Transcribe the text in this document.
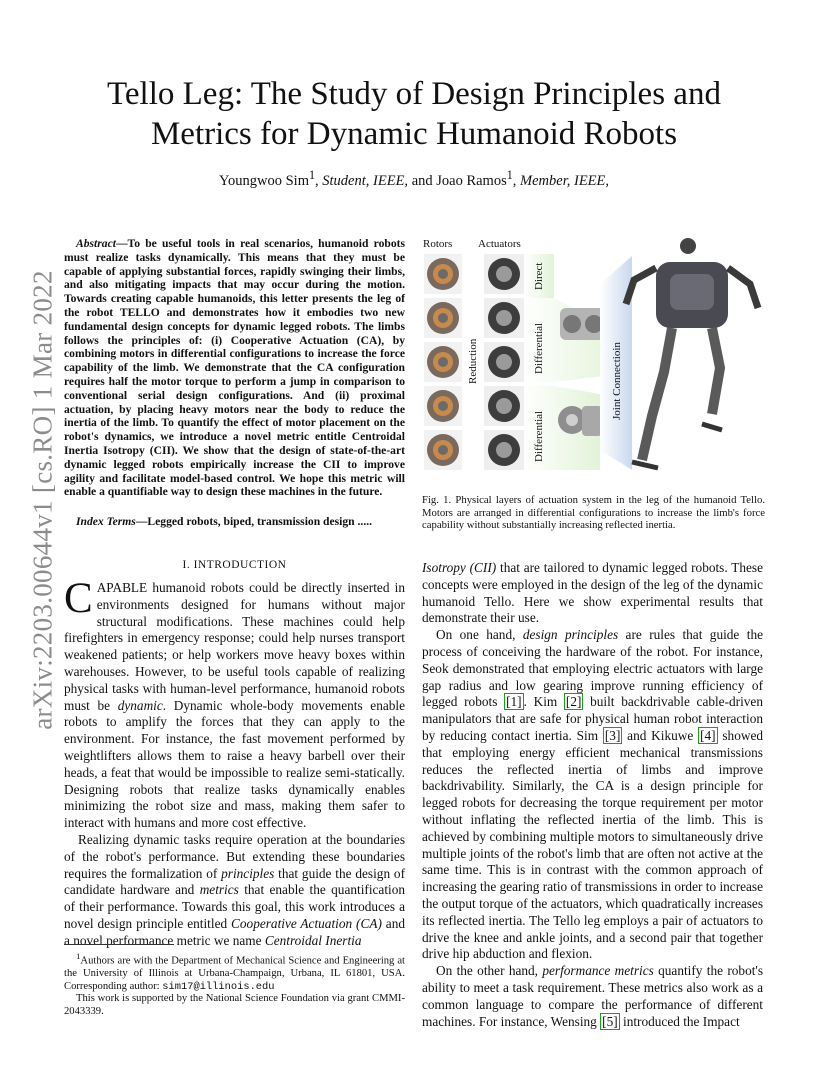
arXiv:2203.00644v1 [cs.RO] 1 Mar 2022
Tello Leg: The Study of Design Principles and
Metrics for Dynamic Humanoid Robots
Youngwoo Sim$^1$, Student, IEEE, and Joao Ramos$^1$, Member, IEEE,
Abstract—To be useful tools in real scenarios, humanoid robots must realize tasks dynamically. This means that they must be capable of applying substantial forces, rapidly swinging their limbs, and also mitigating impacts that may occur during the motion. Towards creating capable humanoids, this letter presents the leg of the robot TELLO and demonstrates how it embodies two new fundamental design concepts for dynamic legged robots. The limbs follows the principles of: (i) Cooperative Actuation (CA), by combining motors in differential configurations to increase the force capability of the limb. We demonstrate that the CA configuration requires half the motor torque to perform a jump in comparison to conventional serial design configurations. And (ii) proximal actuation, by placing heavy motors near the body to reduce the inertia of the limb. To quantify the effect of motor placement on the robot's dynamics, we introduce a novel metric entitle Centroidal Inertia Isotropy (CII). We show that the design of state-of-the-art dynamic legged robots empirically increase the CII to improve agility and facilitate model-based control. We hope this metric will enable a quantifiable way to design these machines in the future.
Index Terms—Legged robots, biped, transmission design .....
Rotors Actuators
Reduction
Direct
Differential
Differential
Joint Connectioin
Fig. 1. Physical layers of actuation system in the leg of the humanoid Tello. Motors are arranged in differential configurations to increase the limb's force capability without substantially increasing reflected inertia.
I. INTRODUCTION

CAPABLE humanoid robots could be directly inserted in environments designed for humans without major structural modifications. These machines could help firefighters in emergency response; could help nurses transport weakened patients; or help workers move heavy boxes within warehouses. However, to be useful tools capable of realizing physical tasks with human-level performance, humanoid robots must be dynamic. Dynamic whole-body movements enable robots to amplify the forces that they can apply to the environment. For instance, the fast movement performed by weightlifters allows them to raise a heavy barbell over their heads, a feat that would be impossible to realize semi-statically. Designing robots that realize tasks dynamically enables minimizing the robot size and mass, making them safer to interact with humans and more cost effective.

Realizing dynamic tasks require operation at the boundaries of the robot's performance. But extending these boundaries requires the formalization of principles that guide the design of candidate hardware and metrics that enable the quantification of their performance. Towards this goal, this work introduces a novel design principle entitled Cooperative Actuation (CA) and a novel performance metric we name Centroidal Inertia

$^1$Authors are with the Department of Mechanical Science and Engineering at the University of Illinois at Urbana-Champaign, Urbana, IL 61801, USA. Corresponding author: sim17@illinois.edu

This work is supported by the National Science Foundation via grant CMMI-2043339.

Isotropy (CII) that are tailored to dynamic legged robots. These concepts were employed in the design of the leg of the dynamic humanoid Tello. Here we show experimental results that demonstrate their use.

On one hand, design principles are rules that guide the process of conceiving the hardware of the robot. For instance, Seok demonstrated that employing electric actuators with large gap radius and low gearing improve running efficiency of legged robots [1] . Kim [2] built backdrivable cable-driven manipulators that are safe for physical human robot interaction by reducing contact inertia. Sim [3] and Kikuwe [4] showed that employing energy efficient mechanical transmissions reduces the reflected inertia of limbs and improve backdrivability. Similarly, the CA is a design principle for legged robots for decreasing the torque requirement per motor without inflating the reflected inertia of the limb. This is achieved by combining multiple motors to simultaneously drive multiple joints of the robot's limb that are often not active at the same time. This is in contrast with the common approach of increasing the gearing ratio of transmissions in order to increase the output torque of the actuators, which quadratically increases its reflected inertia. The Tello leg employs a pair of actuators to drive the knee and ankle joints, and a second pair that together drive hip abduction and flexion.

On the other hand, performance metrics quantify the robot's ability to meet a task requirement. These metrics also work as a common language to compare the performance of different machines. For instance, Wensing [5] introduced the Impact
